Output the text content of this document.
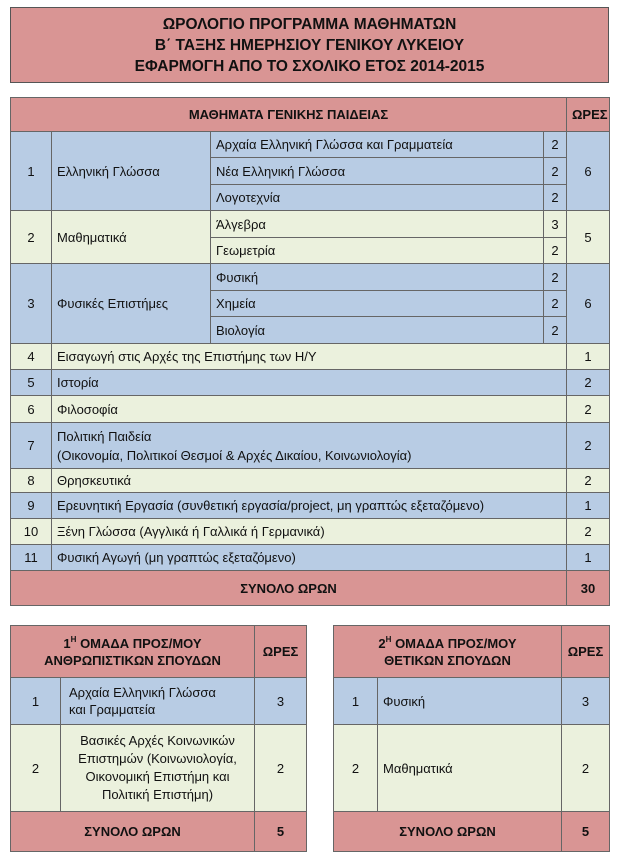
ΩΡΟΛΟΓΙΟ ΠΡΟΓΡΑΜΜΑ ΜΑΘΗΜΑΤΩΝ
Β΄ ΤΑΞΗΣ ΗΜΕΡΗΣΙΟΥ ΓΕΝΙΚΟΥ ΛΥΚΕΙΟΥ
ΕΦΑΡΜΟΓΗ ΑΠΟ ΤΟ ΣΧΟΛΙΚΟ ΕΤΟΣ 2014-2015
ΜΑΘΗΜΑΤΑ ΓΕΝΙΚΗΣ ΠΑΙΔΕΙΑΣ				ΩΡΕΣ
1	Ελληνική Γλώσσα	Αρχαία Ελληνική Γλώσσα και Γραμματεία	2	6
		Νέα Ελληνική Γλώσσα	2	
		Λογοτεχνία	2	
2	Μαθηματικά	Άλγεβρα	3	5
		Γεωμετρία	2	
3	Φυσικές Επιστήμες	Φυσική	2	6
		Χημεία	2	
		Βιολογία	2	
4	Εισαγωγή στις Αρχές της Επιστήμης των Η/Υ			1
5	Ιστορία			2
6	Φιλοσοφία			2
7	Πολιτική Παιδεία
(Οικονομία, Πολιτικοί Θεσμοί & Αρχές Δικαίου, Κοινωνιολογία)			2
8	Θρησκευτικά			2
9	Ερευνητική Εργασία (συνθετική εργασία/project, μη γραπτώς εξεταζόμενο)			1
10	Ξένη Γλώσσα (Αγγλικά ή Γαλλικά ή Γερμανικά)			2
11	Φυσική Αγωγή (μη γραπτώς εξεταζόμενο)			1
ΣΥΝΟΛΟ ΩΡΩΝ				30
$1^H$ ΟΜΑΔΑ ΠΡΟΣ/ΜΟΥ
ΑΝΘΡΩΠΙΣΤΙΚΩΝ ΣΠΟΥΔΩΝ		ΩΡΕΣ
1	Αρχαία Ελληνική Γλώσσα
και Γραμματεία	3
2	Βασικές Αρχές Κοινωνικών
Επιστημών (Κοινωνιολογία,
Οικονομική Επιστήμη και
Πολιτική Επιστήμη)	2
ΣΥΝΟΛΟ ΩΡΩΝ		5
$2^H$ ΟΜΑΔΑ ΠΡΟΣ/ΜΟΥ
ΘΕΤΙΚΩΝ ΣΠΟΥΔΩΝ		ΩΡΕΣ
1	Φυσική	3
2	Μαθηματικά	2
ΣΥΝΟΛΟ ΩΡΩΝ		5
